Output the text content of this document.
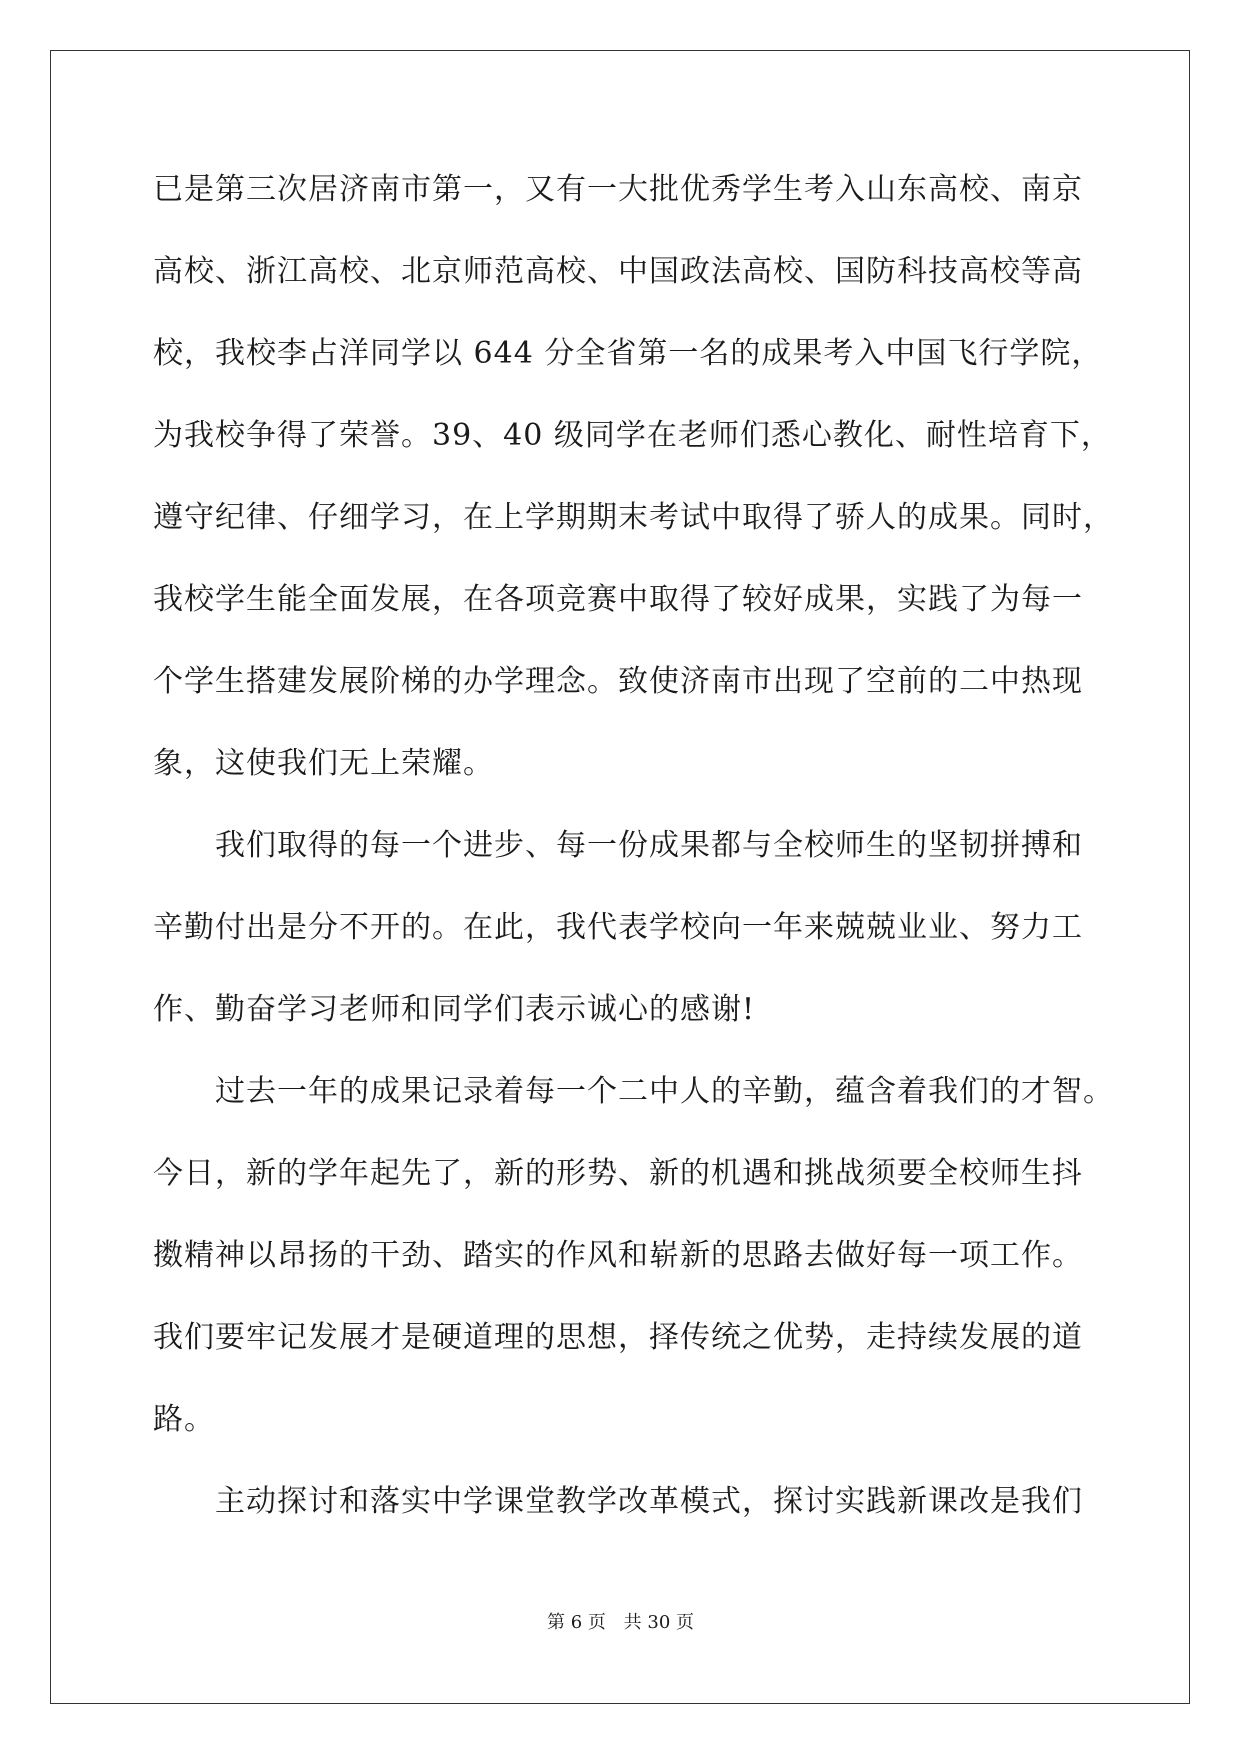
已是第三次居济南市第一，又有一大批优秀学生考入山东高校、南京
高校、浙江高校、北京师范高校、中国政法高校、国防科技高校等高
校，我校李占洋同学以 644 分全省第一名的成果考入中国飞行学院，
为我校争得了荣誉。39、40 级同学在老师们悉心教化、耐性培育下，
遵守纪律、仔细学习，在上学期期末考试中取得了骄人的成果。同时，
我校学生能全面发展，在各项竞赛中取得了较好成果，实践了为每一
个学生搭建发展阶梯的办学理念。致使济南市出现了空前的二中热现
象，这使我们无上荣耀。
我们取得的每一个进步、每一份成果都与全校师生的坚韧拼搏和
辛勤付出是分不开的。在此，我代表学校向一年来兢兢业业、努力工
作、勤奋学习老师和同学们表示诚心的感谢!
过去一年的成果记录着每一个二中人的辛勤，蕴含着我们的才智。
今日，新的学年起先了，新的形势、新的机遇和挑战须要全校师生抖
擞精神以昂扬的干劲、踏实的作风和崭新的思路去做好每一项工作。
我们要牢记发展才是硬道理的思想，择传统之优势，走持续发展的道
路。
主动探讨和落实中学课堂教学改革模式，探讨实践新课改是我们
第 6 页 共 30 页
